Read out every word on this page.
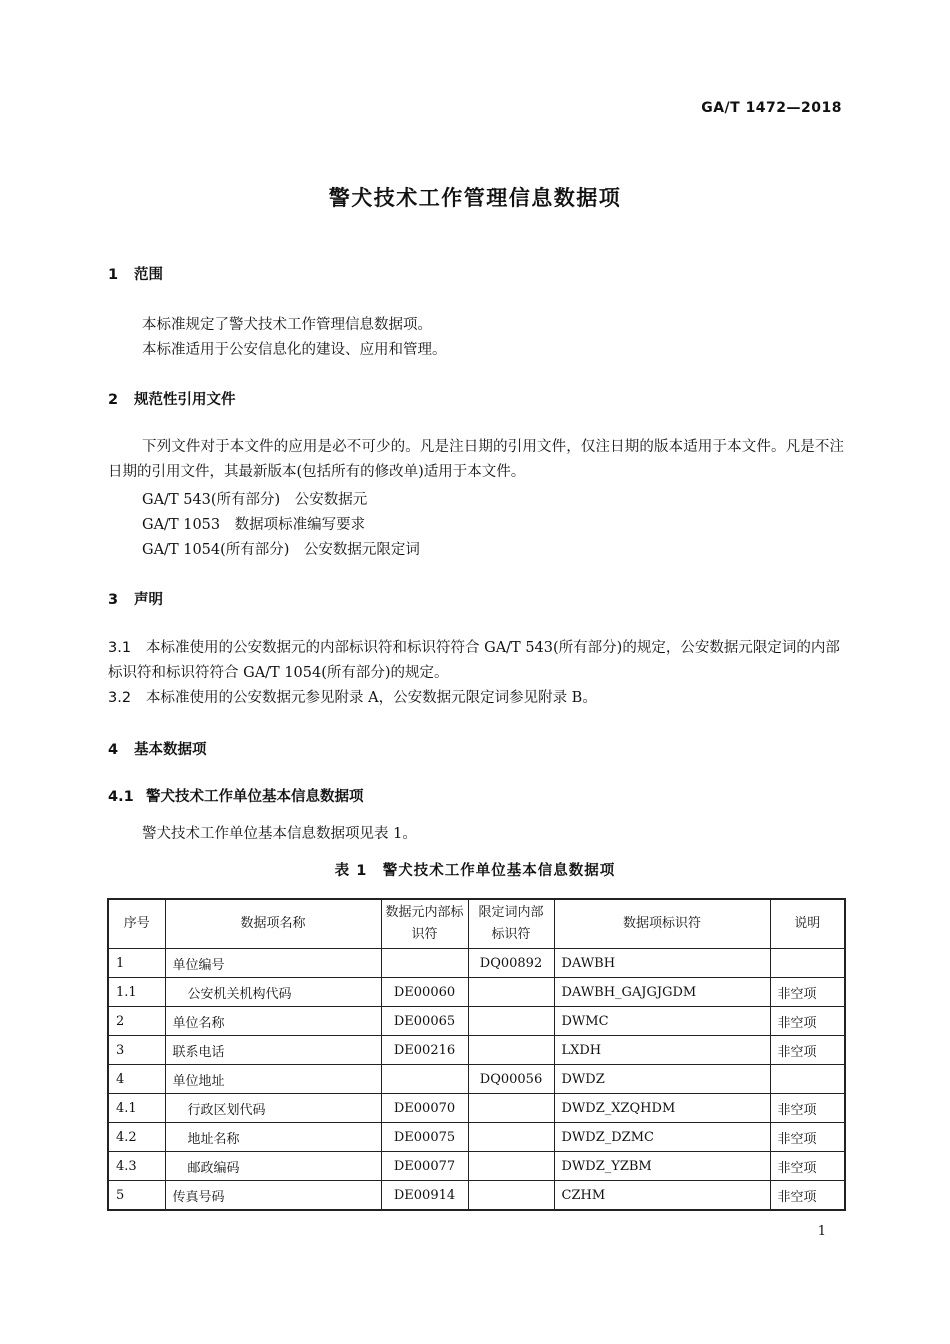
GA/T 1472—2018
警犬技术工作管理信息数据项
1 范围
本标准规定了警犬技术工作管理信息数据项。
本标准适用于公安信息化的建设、应用和管理。
2 规范性引用文件
下列文件对于本文件的应用是必不可少的。凡是注日期的引用文件，仅注日期的版本适用于本文件。凡是不注日期的引用文件，其最新版本(包括所有的修改单)适用于本文件。
GA/T 543(所有部分)　公安数据元
GA/T 1053　数据项标准编写要求
GA/T 1054(所有部分)　公安数据元限定词
3 声明
3.1 本标准使用的公安数据元的内部标识符和标识符符合 GA/T 543(所有部分)的规定，公安数据元限定词的内部标识符和标识符符合 GA/T 1054(所有部分)的规定。
3.2 本标准使用的公安数据元参见附录 A，公安数据元限定词参见附录 B。
4 基本数据项
4.1 警犬技术工作单位基本信息数据项
警犬技术工作单位基本信息数据项见表 1。
表 1　警犬技术工作单位基本信息数据项
序号	数据项名称	数据元内部标识符	限定词内部标识符	数据项标识符	说明
1	单位编号		DQ00892	DAWBH	
1.1	公安机关机构代码	DE00060		DAWBH_GAJGJGDM	非空项
2	单位名称	DE00065		DWMC	非空项
3	联系电话	DE00216		LXDH	非空项
4	单位地址		DQ00056	DWDZ	
4.1	行政区划代码	DE00070		DWDZ_XZQHDM	非空项
4.2	地址名称	DE00075		DWDZ_DZMC	非空项
4.3	邮政编码	DE00077		DWDZ_YZBM	非空项
5	传真号码	DE00914		CZHM	非空项
1
